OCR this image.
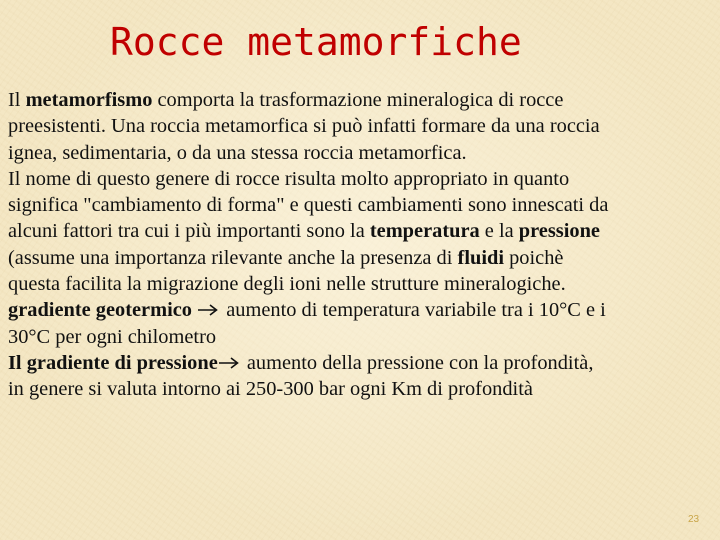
Rocce metamorfiche

Il metamorfismo comporta la trasformazione mineralogica di rocce

preesistenti. Una roccia metamorfica si può infatti formare da una roccia

ignea, sedimentaria, o da una stessa roccia metamorfica.

Il nome di questo genere di rocce risulta molto appropriato in quanto

significa "cambiamento di forma" e questi cambiamenti sono innescati da

alcuni fattori tra cui i più importanti sono la temperatura e la pressione

(assume una importanza rilevante anche la presenza di fluidi poichè

questa facilita la migrazione degli ioni nelle strutture mineralogiche.

gradiente geotermico  aumento di temperatura variabile tra i 10°C e i

30°C per ogni chilometro

Il gradiente di pressione aumento della pressione con la profondità,

in genere si valuta intorno ai 250-300 bar ogni Km di profondità

23
